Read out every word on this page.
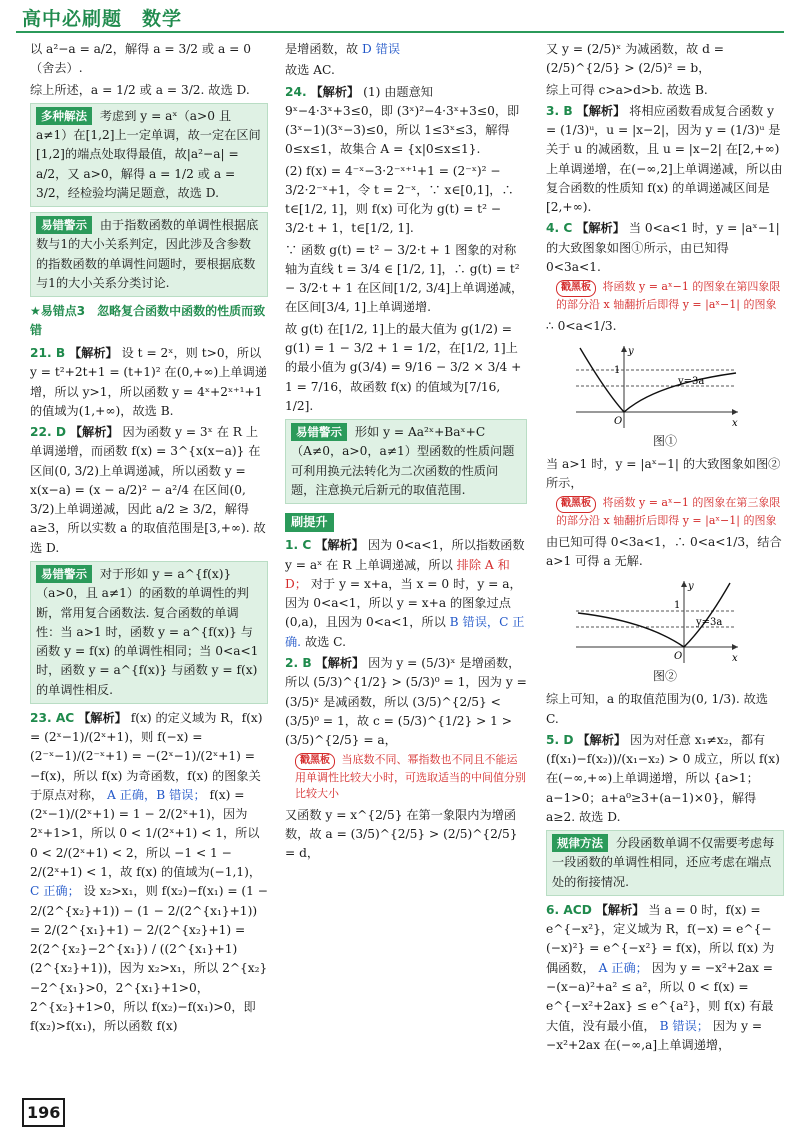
高中必刷题　数学

以 a²−a = a/2，解得 a = 3/2 或 a = 0（舍去）.

综上所述，a = 1/2 或 a = 3/2. 故选 D.

多种解法 考虑到 y = aˣ（a>0 且 a≠1）在[1,2]上一定单调，故一定在区间[1,2]的端点处取得最值，故|a²−a| = a/2，又 a>0，解得 a = 1/2 或 a = 3/2，经检验均满足题意，故选 D.
易错警示 由于指数函数的单调性根据底数与1的大小关系判定，因此涉及含参数的指数函数的单调性问题时，要根据底数与1的大小关系分类讨论.
★易错点3　忽略复合函数中函数的性质而致错

21. B 【解析】 设 t = 2ˣ，则 t>0，所以 y = t²+2t+1 = (t+1)² 在(0,+∞)上单调递增，所以 y>1，所以函数 y = 4ˣ+2ˣ⁺¹+1 的值域为(1,+∞)，故选 B.

22. D 【解析】 因为函数 y = 3ˣ 在 R 上单调递增，而函数 f(x) = 3^{x(x−a)} 在区间(0, 3/2)上单调递减，所以函数 y = x(x−a) = (x − a/2)² − a²/4 在区间(0, 3/2)上单调递减，因此 a/2 ≥ 3/2，解得 a≥3，所以实数 a 的取值范围是[3,+∞). 故选 D.

易错警示 对于形如 y = a^{f(x)}（a>0，且 a≠1）的函数的单调性的判断，常用复合函数法. 复合函数的单调性：当 a>1 时，函数 y = a^{f(x)} 与函数 y = f(x) 的单调性相同；当 0<a<1 时，函数 y = a^{f(x)} 与函数 y = f(x) 的单调性相反.

23. AC 【解析】 f(x) 的定义域为 R，f(x) = (2ˣ−1)/(2ˣ+1)，则 f(−x) = (2⁻ˣ−1)/(2⁻ˣ+1) = −(2ˣ−1)/(2ˣ+1) = −f(x)，所以 f(x) 为奇函数，f(x) 的图象关于原点对称， A 正确，B 错误； f(x) = (2ˣ−1)/(2ˣ+1) = 1 − 2/(2ˣ+1)，因为 2ˣ+1>1，所以 0 < 1/(2ˣ+1) < 1，所以 0 < 2/(2ˣ+1) < 2，所以 −1 < 1 − 2/(2ˣ+1) < 1，故 f(x) 的值域为(−1,1)， C 正确； 设 x₂>x₁，则 f(x₂)−f(x₁) = (1 − 2/(2^{x₂}+1)) − (1 − 2/(2^{x₁}+1)) = 2/(2^{x₁}+1) − 2/(2^{x₂}+1) = 2(2^{x₂}−2^{x₁}) / ((2^{x₁}+1)(2^{x₂}+1))，因为 x₂>x₁，所以 2^{x₂}−2^{x₁}>0，2^{x₁}+1>0，2^{x₂}+1>0，所以 f(x₂)−f(x₁)>0，即 f(x₂)>f(x₁)，所以函数 f(x)

是增函数，故 D 错误

故选 AC.

24. 【解析】 (1) 由题意知 9ˣ−4·3ˣ+3≤0，即 (3ˣ)²−4·3ˣ+3≤0，即 (3ˣ−1)(3ˣ−3)≤0，所以 1≤3ˣ≤3，解得 0≤x≤1，故集合 A = {x|0≤x≤1}.

(2) f(x) = 4⁻ˣ−3·2⁻ˣ⁺¹+1 = (2⁻ˣ)² − 3/2·2⁻ˣ+1，令 t = 2⁻ˣ，∵ x∈[0,1]，∴ t∈[1/2, 1]，则 f(x) 可化为 g(t) = t² − 3/2·t + 1，t∈[1/2, 1].

∵ 函数 g(t) = t² − 3/2·t + 1 图象的对称轴为直线 t = 3/4 ∈ [1/2, 1]，∴ g(t) = t² − 3/2·t + 1 在区间[1/2, 3/4]上单调递减，在区间[3/4, 1]上单调递增.

故 g(t) 在[1/2, 1]上的最大值为 g(1/2) = g(1) = 1 − 3/2 + 1 = 1/2，在[1/2, 1]上的最小值为 g(3/4) = 9/16 − 3/2 × 3/4 + 1 = 7/16，故函数 f(x) 的值域为[7/16, 1/2].

易错警示 形如 y = Aa²ˣ+Baˣ+C（A≠0，a>0，a≠1）型函数的性质问题可利用换元法转化为二次函数的性质问题，注意换元后新元的取值范围.
刷提升

1. C 【解析】 因为 0<a<1，所以指数函数 y = aˣ 在 R 上单调递减，所以 排除 A 和 D； 对于 y = x+a，当 x = 0 时，y = a，因为 0<a<1，所以 y = x+a 的图象过点(0,a)，且因为 0<a<1，所以 B 错误，C 正确. 故选 C.

2. B 【解析】 因为 y = (5/3)ˣ 是增函数，所以 (5/3)^{1/2} > (5/3)⁰ = 1，因为 y = (3/5)ˣ 是减函数，所以 (3/5)^{2/5} < (3/5)⁰ = 1，故 c = (5/3)^{1/2} > 1 > (3/5)^{2/5} = a，

戳黑板 当底数不同、幂指数也不同且不能运用单调性比较大小时，可选取适当的中间值分别比较大小

又函数 y = x^{2/5} 在第一象限内为增函数，故 a = (3/5)^{2/5} > (2/5)^{2/5} = d，

又 y = (2/5)ˣ 为减函数，故 d = (2/5)^{2/5} > (2/5)² = b，

综上可得 c>a>d>b. 故选 B.

3. B 【解析】 将相应函数看成复合函数 y = (1/3)ᵘ，u = |x−2|，因为 y = (1/3)ᵘ 是关于 u 的减函数，且 u = |x−2| 在[2,+∞)上单调递增，在(−∞,2]上单调递减，所以由复合函数的性质知 f(x) 的单调递减区间是[2,+∞).

4. C 【解析】 当 0<a<1 时，y = |aˣ−1| 的大致图象如图①所示，由已知得 0<3a<1.

戳黑板 将函数 y = aˣ−1 的图象在第四象限的部分沿 x 轴翻折后即得 y = |aˣ−1| 的图象

∴ 0<a<1/3.

y
x
O
1
y=3a
图①

当 a>1 时，y = |aˣ−1| 的大致图象如图②所示，

戳黑板 将函数 y = aˣ−1 的图象在第三象限的部分沿 x 轴翻折后即得 y = |aˣ−1| 的图象

由已知可得 0<3a<1，∴ 0<a<1/3，结合 a>1 可得 a 无解.

y
x
O
1
y=3a
图②

综上可知，a 的取值范围为(0, 1/3). 故选 C.

5. D 【解析】 因为对任意 x₁≠x₂，都有 (f(x₁)−f(x₂))/(x₁−x₂) > 0 成立，所以 f(x) 在(−∞,+∞)上单调递增，所以 {a>1；a−1>0；a+a⁰≥3+(a−1)×0}，解得 a≥2. 故选 D.

规律方法 分段函数单调不仅需要考虑每一段函数的单调性相同，还应考虑在端点处的衔接情况.

6. ACD 【解析】 当 a = 0 时，f(x) = e^{−x²}，定义域为 R，f(−x) = e^{−(−x)²} = e^{−x²} = f(x)，所以 f(x) 为偶函数， A 正确； 因为 y = −x²+2ax = −(x−a)²+a² ≤ a²，所以 0 < f(x) = e^{−x²+2ax} ≤ e^{a²}，则 f(x) 有最大值，没有最小值， B 错误； 因为 y = −x²+2ax 在(−∞,a]上单调递增，

196
